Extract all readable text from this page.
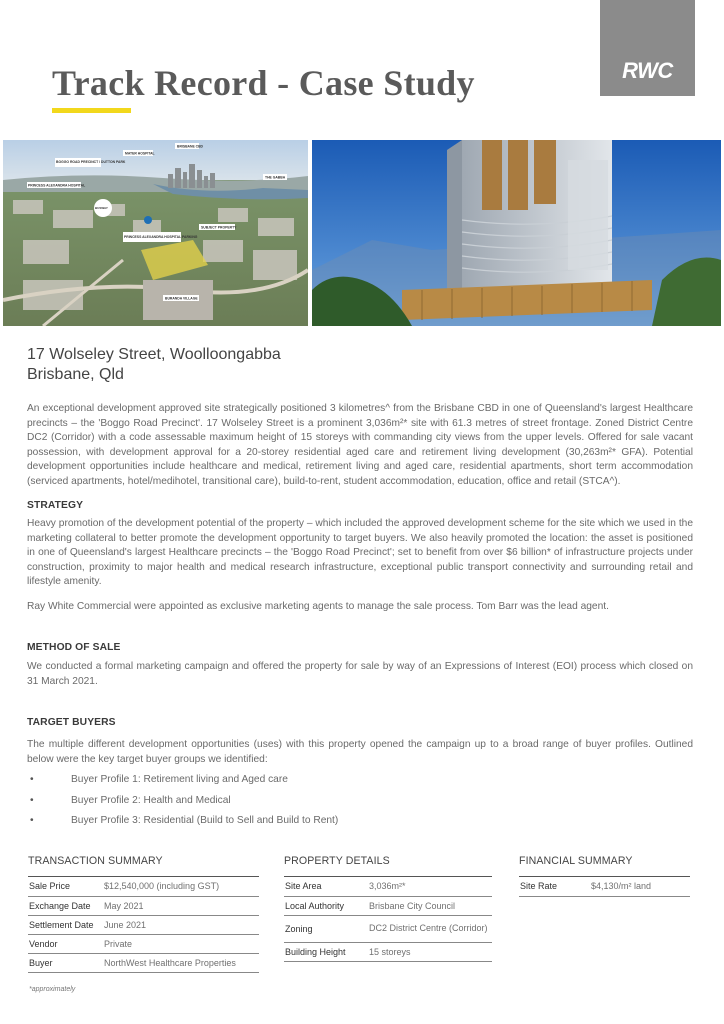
RWC
Track Record - Case Study
BRISBANE CBD
MATER HOSPITAL
BOGGO ROAD PRECINCT / DUTTON PARK
PRINCESS ALEXANDRA HOSPITAL
THE GABBA
PRINCESS ALEXANDRA HOSPITAL PARKING
SUBJECT PROPERTY
BUSWAY
BURANDA VILLAGE
17 Wolseley Street, Woolloongabba
Brisbane, Qld

An exceptional development approved site strategically positioned 3 kilometres^ from the Brisbane CBD in one of Queensland's largest Healthcare precincts – the 'Boggo Road Precinct'. 17 Wolseley Street is a prominent 3,036m²* site with 61.3 metres of street frontage. Zoned District Centre DC2 (Corridor) with a code assessable maximum height of 15 storeys with commanding city views from the upper levels. Offered for sale vacant possession, with development approval for a 20-storey residential aged care and retirement living development (30,263m²* GFA). Potential development opportunities include healthcare and medical, retirement living and aged care, residential apartments, short term accommodation (serviced apartments, hotel/medihotel, transitional care), build-to-rent, student accommodation, education, office and retail (STCA^).

STRATEGY

Heavy promotion of the development potential of the property – which included the approved development scheme for the site which we used in the marketing collateral to better promote the development opportunity to target buyers. We also heavily promoted the location: the asset is positioned in one of Queensland's largest Healthcare precincts – the 'Boggo Road Precinct'; set to benefit from over $6 billion* of infrastructure projects under construction, proximity to major health and medical research infrastructure, exceptional public transport connectivity and surrounding retail and lifestyle amenity.

Ray White Commercial were appointed as exclusive marketing agents to manage the sale process. Tom Barr was the lead agent.

METHOD OF SALE

We conducted a formal marketing campaign and offered the property for sale by way of an Expressions of Interest (EOI) process which closed on 31 March 2021.

TARGET BUYERS

The multiple different development opportunities (uses) with this property opened the campaign up to a broad range of buyer profiles. Outlined below were the key target buyer groups we identified:

•	Buyer Profile 1: Retirement living and Aged care
•	Buyer Profile 2: Health and Medical
•	Buyer Profile 3: Residential (Build to Sell and Build to Rent)
TRANSACTION SUMMARY
Sale Price	$12,540,000 (including GST)
Exchange Date	May 2021
Settlement Date	June 2021
Vendor	Private
Buyer	NorthWest Healthcare Properties
PROPERTY DETAILS
Site Area	3,036m²*
Local Authority	Brisbane City Council
Zoning	DC2 District Centre (Corridor)
Building Height	15 storeys
FINANCIAL SUMMARY
Site Rate	$4,130/m² land
*approximately
